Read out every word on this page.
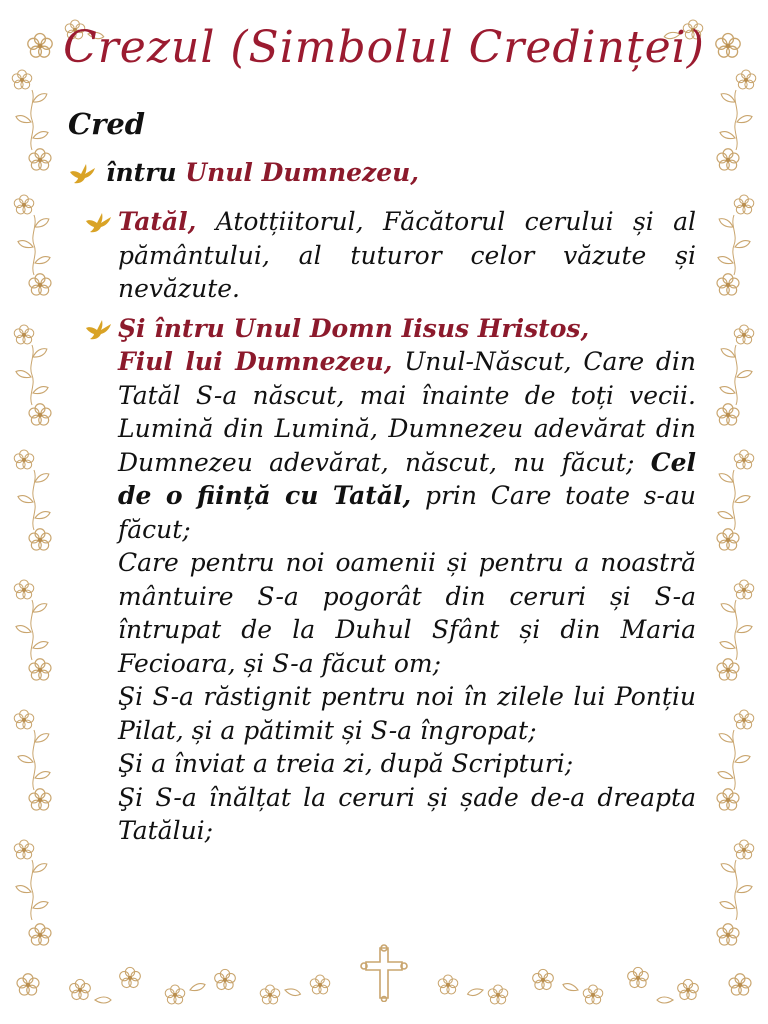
Crezul (Simbolul Credinței)
Cred
întru Unul Dumnezeu,
Tatăl, Atotțiitorul, Făcătorul cerului și al pământului, al tuturor celor văzute și nevăzute.
Şi întru Unul Domn Iisus Hristos,
Fiul lui Dumnezeu, Unul-Născut, Care din Tatăl S-a născut, mai înainte de toți vecii. Lumină din Lumină, Dumnezeu adevărat din Dumnezeu adevărat, născut, nu făcut; Cel de o ființă cu Tatăl, prin Care toate s-au făcut;
Care pentru noi oamenii și pentru a noastră mântuire S-a pogorât din ceruri și S-a întrupat de la Duhul Sfânt și din Maria Fecioara, și S-a făcut om;
Şi S-a răstignit pentru noi în zilele lui Ponțiu Pilat, și a pătimit și S-a îngropat;
Şi a înviat a treia zi, după Scripturi;
Şi S-a înălțat la ceruri și șade de-a dreapta Tatălui;
